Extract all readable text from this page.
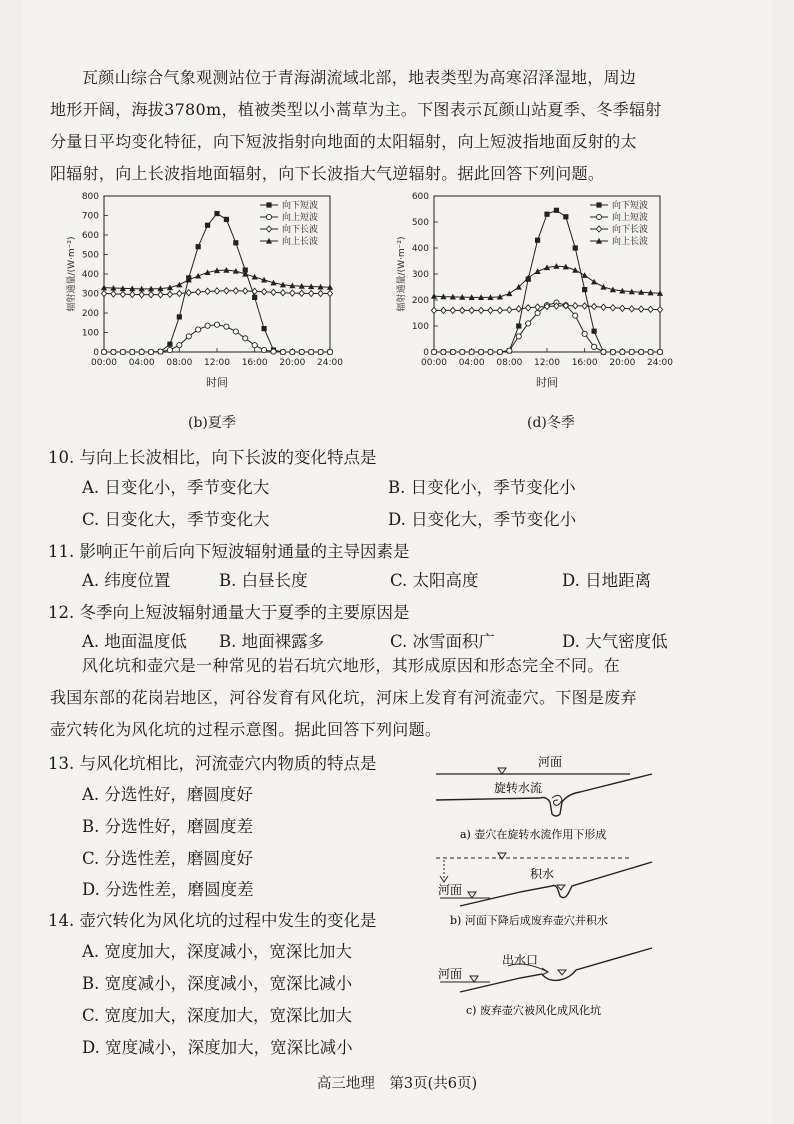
瓦颜山综合气象观测站位于青海湖流域北部，地表类型为高寒沼泽湿地，周边

地形开阔，海拔3780m，植被类型以小蒿草为主。下图表示瓦颜山站夏季、冬季辐射

分量日平均变化特征，向下短波指射向地面的太阳辐射，向上短波指地面反射的太

阳辐射，向上长波指地面辐射，向下长波指大气逆辐射。据此回答下列问题。

0
100
200
300
400
500
600
700
800
00:00 04:00 08:00 12:00 16:00 20:00 24:00
时间
辐射通量/(W·m⁻²)
向下短波
向上短波
向下长波
向上长波
(b)夏季
0
100
200
300
400
500
600
00:00 04:00 08:00 12:00 16:00 20:00 24:00
时间
辐射通量/(W·m⁻²)
向下短波
向上短波
向下长波
向上长波
(d)冬季
10. 与向上长波相比，向下长波的变化特点是
A. 日变化小，季节变化大	B. 日变化小，季节变化小
C. 日变化大，季节变化大	D. 日变化大，季节变化小
11. 影响正午前后向下短波辐射通量的主导因素是
A. 纬度位置	B. 白昼长度	C. 太阳高度	D. 日地距离
12. 冬季向上短波辐射通量大于夏季的主要原因是
A. 地面温度低 B. 地面裸露多	C. 冰雪面积广	D. 大气密度低

风化坑和壶穴是一种常见的岩石坑穴地形，其形成原因和形态完全不同。在

我国东部的花岗岩地区，河谷发育有风化坑，河床上发育有河流壶穴。下图是废弃

壶穴转化为风化坑的过程示意图。据此回答下列问题。

13. 与风化坑相比，河流壶穴内物质的特点是
A. 分选性好，磨圆度好
B. 分选性好，磨圆度差
C. 分选性差，磨圆度好
D. 分选性差，磨圆度差
14. 壶穴转化为风化坑的过程中发生的变化是
A. 宽度加大，深度减小，宽深比加大
B. 宽度减小，深度减小，宽深比减小
C. 宽度加大，深度加大，宽深比加大
D. 宽度减小，深度加大，宽深比减小
河面
旋转水流
a) 壶穴在旋转水流作用下形成
积水
河面
b) 河面下降后成废弃壶穴并积水
出水口
河面
c) 废弃壶穴被风化成风化坑
高三地理　第3页(共6页)
